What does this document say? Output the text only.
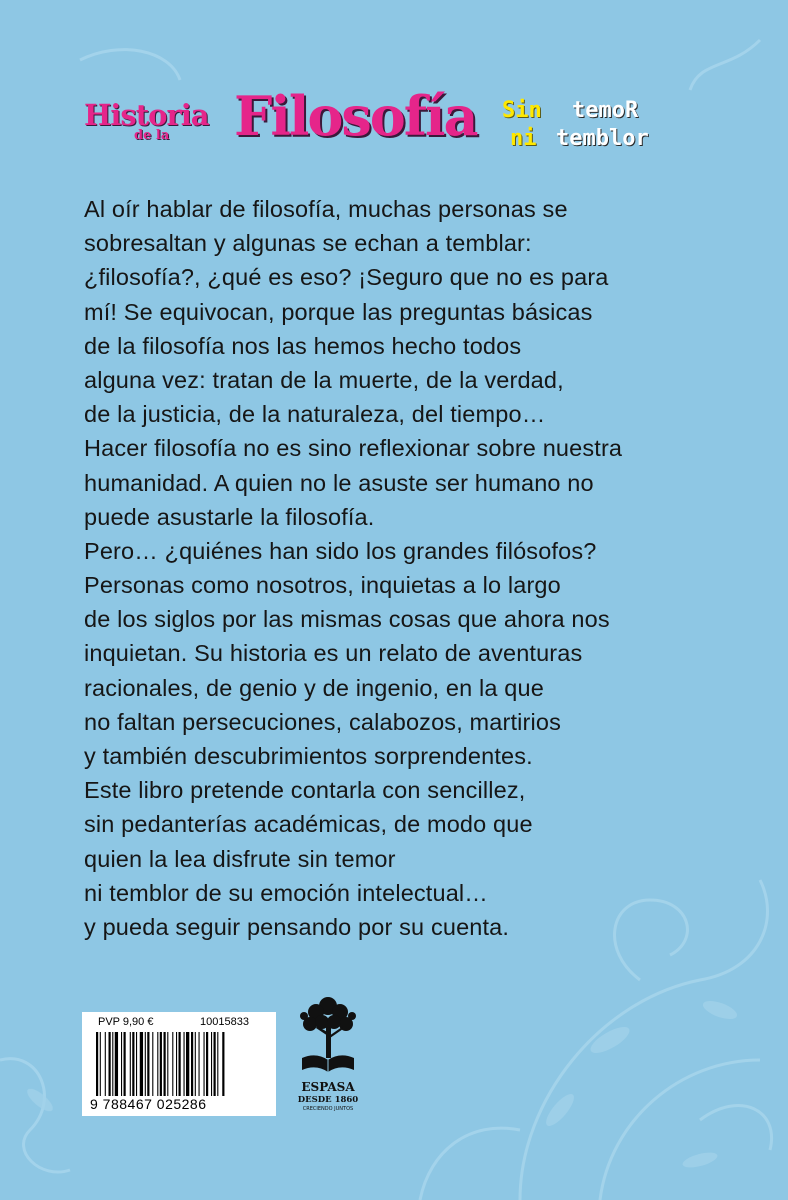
Historia
de la Filosofía Sin temoR
ni temblor
Al oír hablar de filosofía, muchas personas se
sobresaltan y algunas se echan a temblar:
¿filosofía?, ¿qué es eso? ¡Seguro que no es para
mí! Se equivocan, porque las preguntas básicas
de la filosofía nos las hemos hecho todos
alguna vez: tratan de la muerte, de la verdad,
de la justicia, de la naturaleza, del tiempo…
Hacer filosofía no es sino reflexionar sobre nuestra
humanidad. A quien no le asuste ser humano no
puede asustarle la filosofía.
Pero… ¿quiénes han sido los grandes filósofos?
Personas como nosotros, inquietas a lo largo
de los siglos por las mismas cosas que ahora nos
inquietan. Su historia es un relato de aventuras
racionales, de genio y de ingenio, en la que
no faltan persecuciones, calabozos, martirios
y también descubrimientos sorprendentes.
Este libro pretende contarla con sencillez,
sin pedanterías académicas, de modo que
quien la lea disfrute sin temor
ni temblor de su emoción intelectual…
y pueda seguir pensando por su cuenta.
PVP 9,90 €	10015833
9 788467 025286
ESPASA
DESDE 1860
CRECIENDO JUNTOS
